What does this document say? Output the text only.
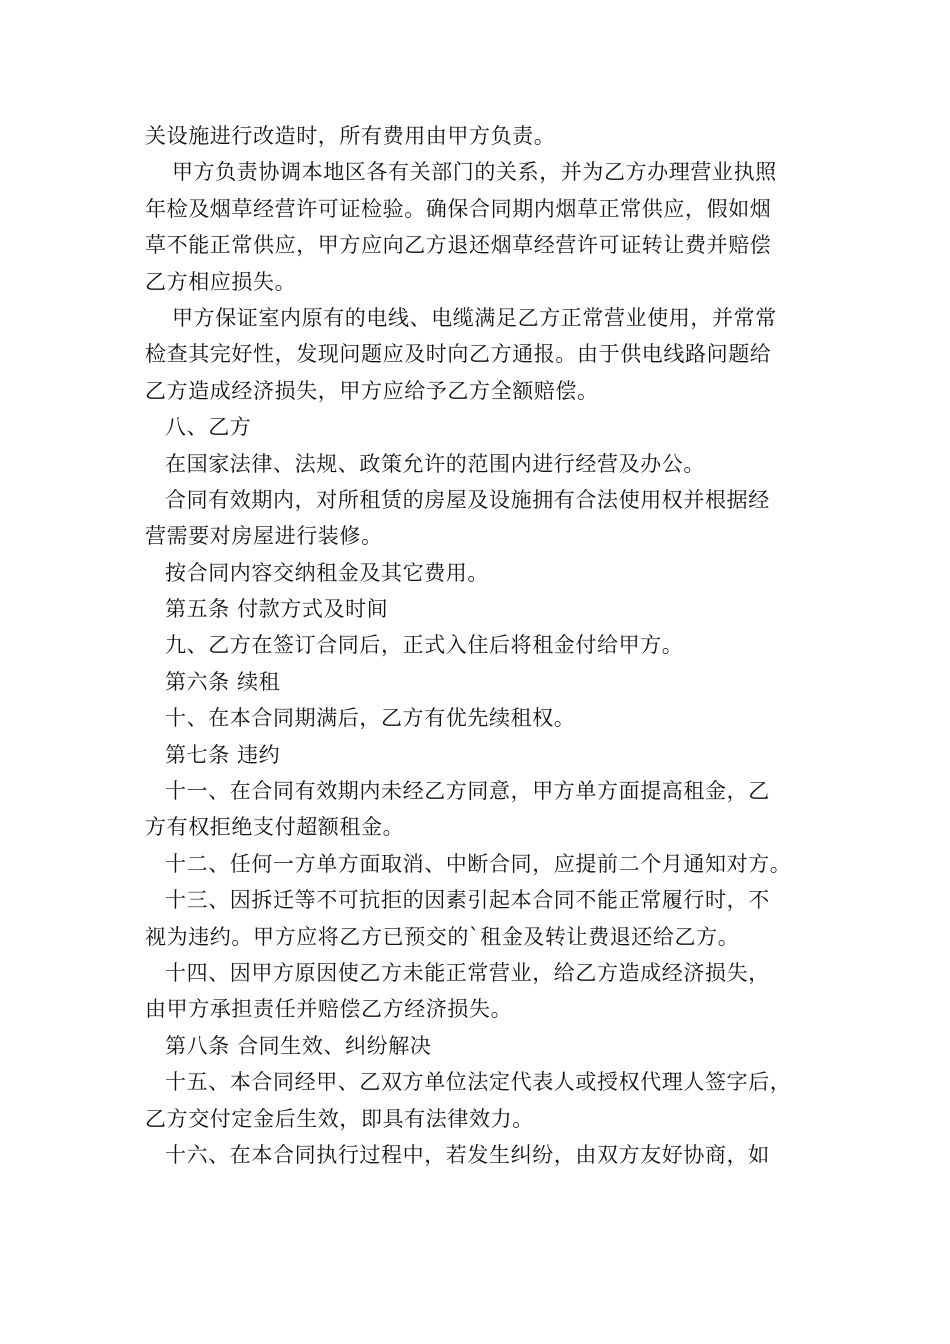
关设施进行改造时，所有费用由甲方负责。
甲方负责协调本地区各有关部门的关系，并为乙方办理营业执照
年检及烟草经营许可证检验。确保合同期内烟草正常供应，假如烟
草不能正常供应，甲方应向乙方退还烟草经营许可证转让费并赔偿
乙方相应损失。
甲方保证室内原有的电线、电缆满足乙方正常营业使用，并常常
检查其完好性，发现问题应及时向乙方通报。由于供电线路问题给
乙方造成经济损失，甲方应给予乙方全额赔偿。
八、乙方
在国家法律、法规、政策允许的范围内进行经营及办公。
合同有效期内，对所租赁的房屋及设施拥有合法使用权并根据经
营需要对房屋进行装修。
按合同内容交纳租金及其它费用。
第五条 付款方式及时间
九、乙方在签订合同后，正式入住后将租金付给甲方。
第六条 续租
十、在本合同期满后，乙方有优先续租权。
第七条 违约
十一、在合同有效期内未经乙方同意，甲方单方面提高租金，乙
方有权拒绝支付超额租金。
十二、任何一方单方面取消、中断合同，应提前二个月通知对方。
十三、因拆迁等不可抗拒的因素引起本合同不能正常履行时，不
视为违约。甲方应将乙方已预交的`租金及转让费退还给乙方。
十四、因甲方原因使乙方未能正常营业，给乙方造成经济损失，
由甲方承担责任并赔偿乙方经济损失。
第八条 合同生效、纠纷解决
十五、本合同经甲、乙双方单位法定代表人或授权代理人签字后，
乙方交付定金后生效，即具有法律效力。
十六、在本合同执行过程中，若发生纠纷，由双方友好协商，如
